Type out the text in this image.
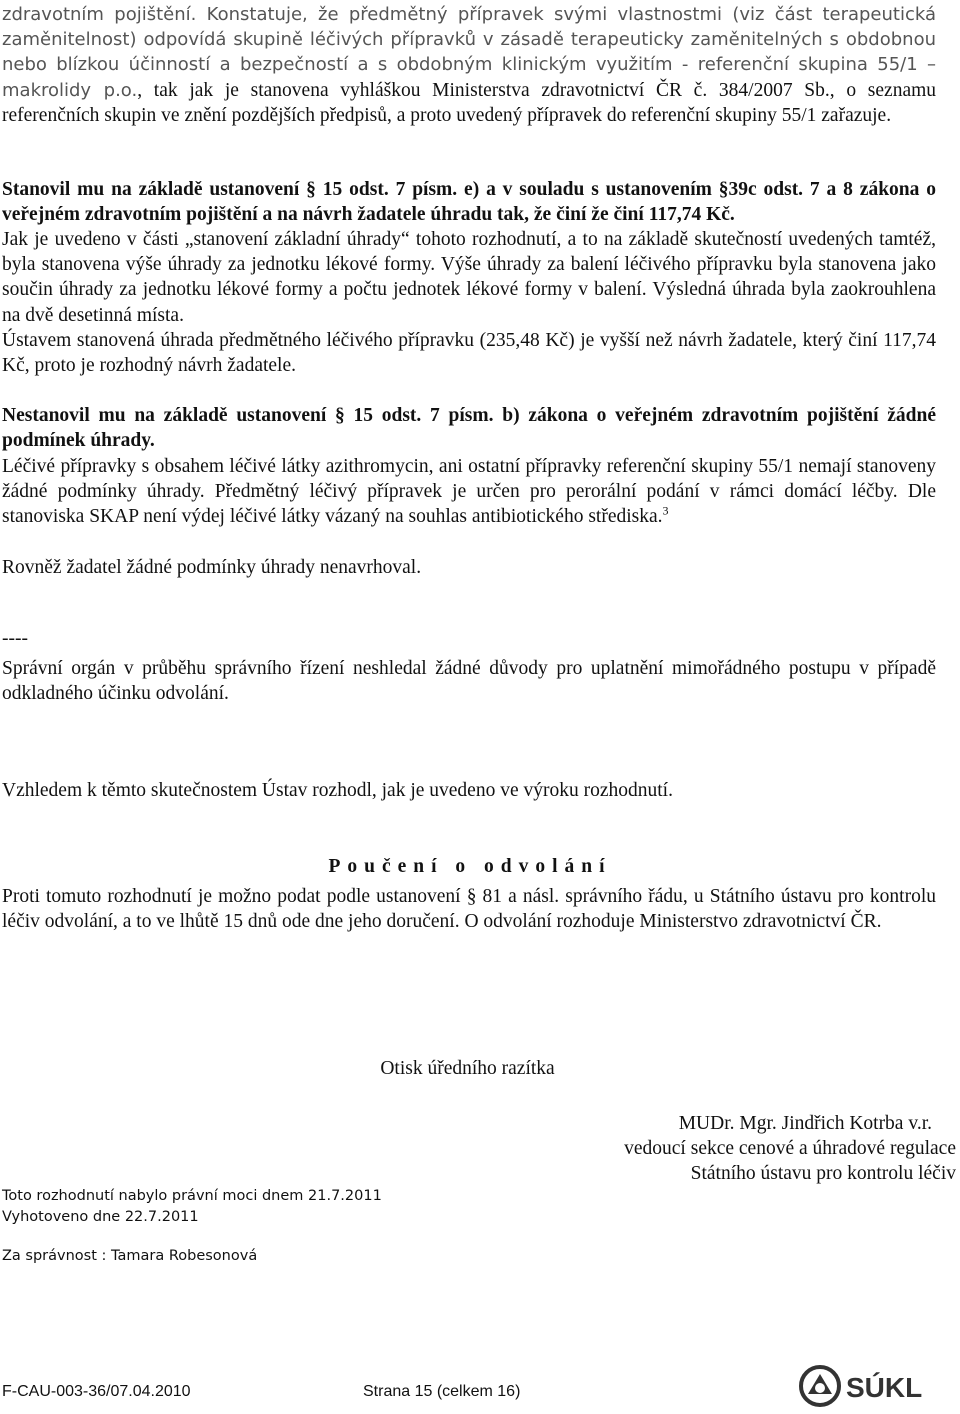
zdravotním pojištění. Konstatuje, že předmětný přípravek svými vlastnostmi (viz část terapeutická zaměnitelnost) odpovídá skupině léčivých přípravků v zásadě terapeuticky zaměnitelných s obdobnou nebo blízkou účinností a bezpečností a s obdobným klinickým využitím - referenční skupina 55/1 – makrolidy p.o., tak jak je stanovena vyhláškou Ministerstva zdravotnictví ČR č. 384/2007 Sb., o seznamu referenčních skupin ve znění pozdějších předpisů, a proto uvedený přípravek do referenční skupiny 55/1 zařazuje.

Stanovil mu na základě ustanovení § 15 odst. 7 písm. e) a v souladu s ustanovením §39c odst. 7 a 8 zákona o veřejném zdravotním pojištění a na návrh žadatele úhradu tak, že činí že činí 117,74 Kč.

Jak je uvedeno v části „stanovení základní úhrady“ tohoto rozhodnutí, a to na základě skutečností uvedených tamtéž, byla stanovena výše úhrady za jednotku lékové formy. Výše úhrady za balení léčivého přípravku byla stanovena jako součin úhrady za jednotku lékové formy a počtu jednotek lékové formy v balení. Výsledná úhrada byla zaokrouhlena na dvě desetinná místa.

Ústavem stanovená úhrada předmětného léčivého přípravku (235,48 Kč) je vyšší než návrh žadatele, který činí 117,74 Kč, proto je rozhodný návrh žadatele.

Nestanovil mu na základě ustanovení § 15 odst. 7 písm. b) zákona o veřejném zdravotním pojištění žádné podmínek úhrady.

Léčivé přípravky s obsahem léčivé látky azithromycin, ani ostatní přípravky referenční skupiny 55/1 nemají stanoveny žádné podmínky úhrady. Předmětný léčivý přípravek je určen pro perorální podání v rámci domácí léčby. Dle stanoviska SKAP není výdej léčivé látky vázaný na souhlas antibiotického střediska.$^3$

Rovněž žadatel žádné podmínky úhrady nenavrhoval.

----

Správní orgán v průběhu správního řízení neshledal žádné důvody pro uplatnění mimořádného postupu v případě odkladného účinku odvolání.

Vzhledem k těmto skutečnostem Ústav rozhodl, jak je uvedeno ve výroku rozhodnutí.

Poučení o odvolání

Proti tomuto rozhodnutí je možno podat podle ustanovení § 81 a násl. správního řádu, u Státního ústavu pro kontrolu léčiv odvolání, a to ve lhůtě 15 dnů ode dne jeho doručení. O odvolání rozhoduje Ministerstvo zdravotnictví ČR.

Otisk úředního razítka

MUDr. Mgr. Jindřich Kotrba v.r.
vedoucí sekce cenové a úhradové regulace
Státního ústavu pro kontrolu léčiv
Toto rozhodnutí nabylo právní moci dnem 21.7.2011
Vyhotoveno dne 22.7.2011
Za správnost : Tamara Robesonová
F-CAU-003-36/07.04.2010	Strana 15 (celkem 16)	SÚKL
